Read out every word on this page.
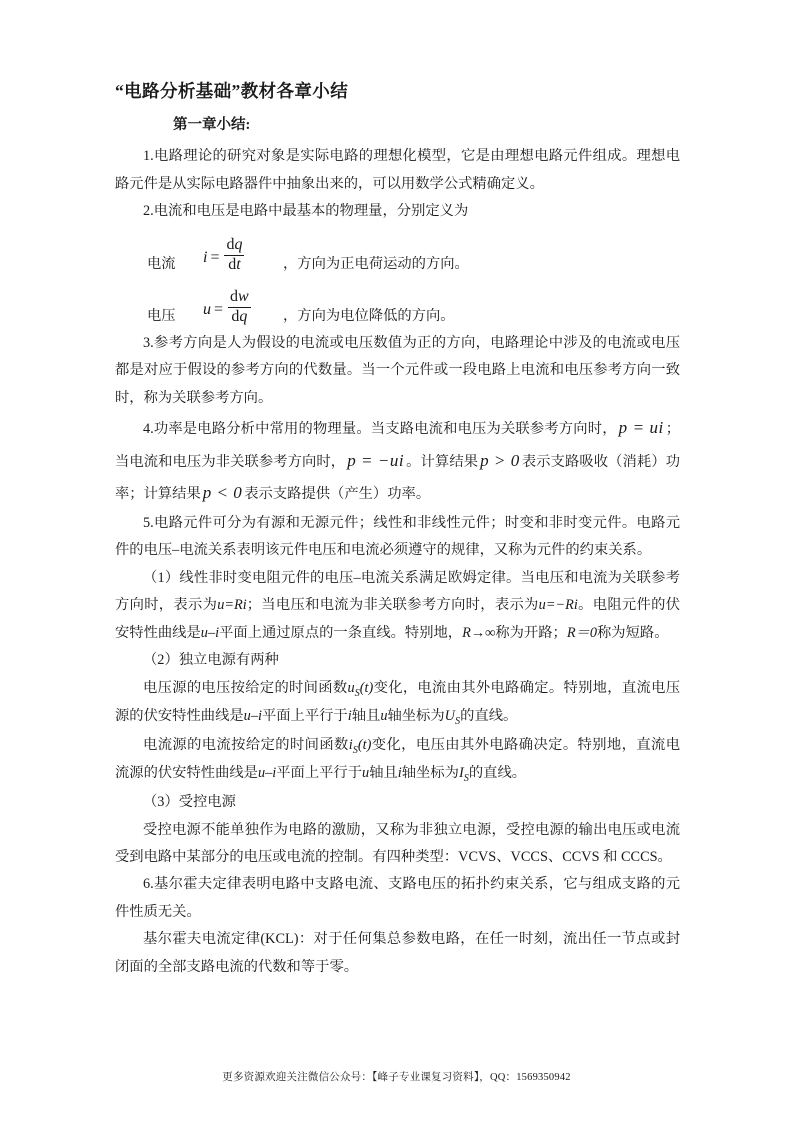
“电路分析基础”教材各章小结
第一章小结:

1.电路理论的研究对象是实际电路的理想化模型，它是由理想电路元件组成。理想电路元件是从实际电路器件中抽象出来的，可以用数学公式精确定义。

2.电流和电压是电路中最基本的物理量，分别定义为

电流 $i = \frac{dq}{dt}$	，方向为正电荷运动的方向。
电压 $u = \frac{dw}{dq}$ ，方向为电位降低的方向。

3.参考方向是人为假设的电流或电压数值为正的方向，电路理论中涉及的电流或电压都是对应于假设的参考方向的代数量。当一个元件或一段电路上电流和电压参考方向一致时，称为关联参考方向。

4.功率是电路分析中常用的物理量。当支路电流和电压为关联参考方向时， p = ui ；当电流和电压为非关联参考方向时， p = −ui 。计算结果 p > 0 表示支路吸收（消耗）功率；计算结果 p < 0 表示支路提供（产生）功率。

5.电路元件可分为有源和无源元件；线性和非线性元件；时变和非时变元件。电路元件的电压–电流关系表明该元件电压和电流必须遵守的规律，又称为元件的约束关系。

（1）线性非时变电阻元件的电压–电流关系满足欧姆定律。当电压和电流为关联参考方向时，表示为u=Ri；当电压和电流为非关联参考方向时，表示为u=−Ri。电阻元件的伏安特性曲线是u–i平面上通过原点的一条直线。特别地，R→∞称为开路；R＝0称为短路。

（2）独立电源有两种

电压源的电压按给定的时间函数$u_S(t)$变化，电流由其外电路确定。特别地，直流电压源的伏安特性曲线是u–i平面上平行于i轴且u轴坐标为$U_S$的直线。

电流源的电流按给定的时间函数$i_S(t)$变化，电压由其外电路确决定。特别地，直流电流源的伏安特性曲线是u–i平面上平行于u轴且i轴坐标为$I_S$的直线。

（3）受控电源

受控电源不能单独作为电路的激励，又称为非独立电源，受控电源的输出电压或电流受到电路中某部分的电压或电流的控制。有四种类型：VCVS、VCCS、CCVS 和 CCCS。

6.基尔霍夫定律表明电路中支路电流、支路电压的拓扑约束关系，它与组成支路的元件性质无关。

基尔霍夫电流定律(KCL)：对于任何集总参数电路，在任一时刻，流出任一节点或封闭面的全部支路电流的代数和等于零。

更多资源欢迎关注微信公众号：【峰子专业课复习资料】，QQ：1569350942
